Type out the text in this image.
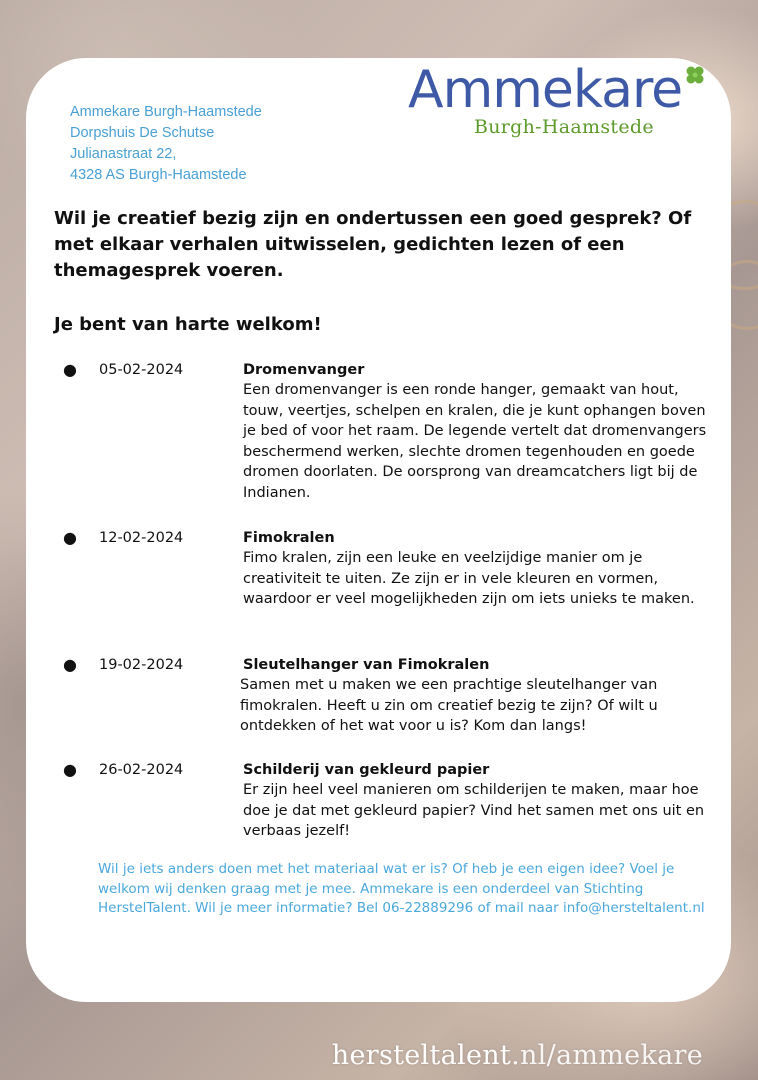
Ammekare Burgh-Haamstede
Dorpshuis De Schutse
Julianastraat 22,
4328 AS Burgh-Haamstede
Ammekare
Burgh-Haamstede
Wil je creatief bezig zijn en ondertussen een goed gesprek? Of met elkaar verhalen uitwisselen, gedichten lezen of een themagesprek voeren.
Je bent van harte welkom!
● 05-02-2024	Dromenvanger
Een dromenvanger is een ronde hanger, gemaakt van hout, touw, veertjes, schelpen en kralen, die je kunt ophangen boven je bed of voor het raam. De legende vertelt dat dromenvangers beschermend werken, slechte dromen tegenhouden en goede dromen doorlaten. De oorsprong van dreamcatchers ligt bij de Indianen.
● 12-02-2024	Fimokralen
Fimo kralen, zijn een leuke en veelzijdige manier om je creativiteit te uiten. Ze zijn er in vele kleuren en vormen, waardoor er veel mogelijkheden zijn om iets unieks te maken.
● 19-02-2024	Sleutelhanger van Fimokralen
Samen met u maken we een prachtige sleutelhanger van fimokralen. Heeft u zin om creatief bezig te zijn? Of wilt u ontdekken of het wat voor u is? Kom dan langs!
● 26-02-2024	Schilderij van gekleurd papier
Er zijn heel veel manieren om schilderijen te maken, maar hoe doe je dat met gekleurd papier? Vind het samen met ons uit en verbaas jezelf!
Wil je iets anders doen met het materiaal wat er is? Of heb je een eigen idee? Voel je welkom wij denken graag met je mee. Ammekare is een onderdeel van Stichting HerstelTalent. Wil je meer informatie? Bel 06-22889296 of mail naar info@hersteltalent.nl
hersteltalent.nl/ammekare
